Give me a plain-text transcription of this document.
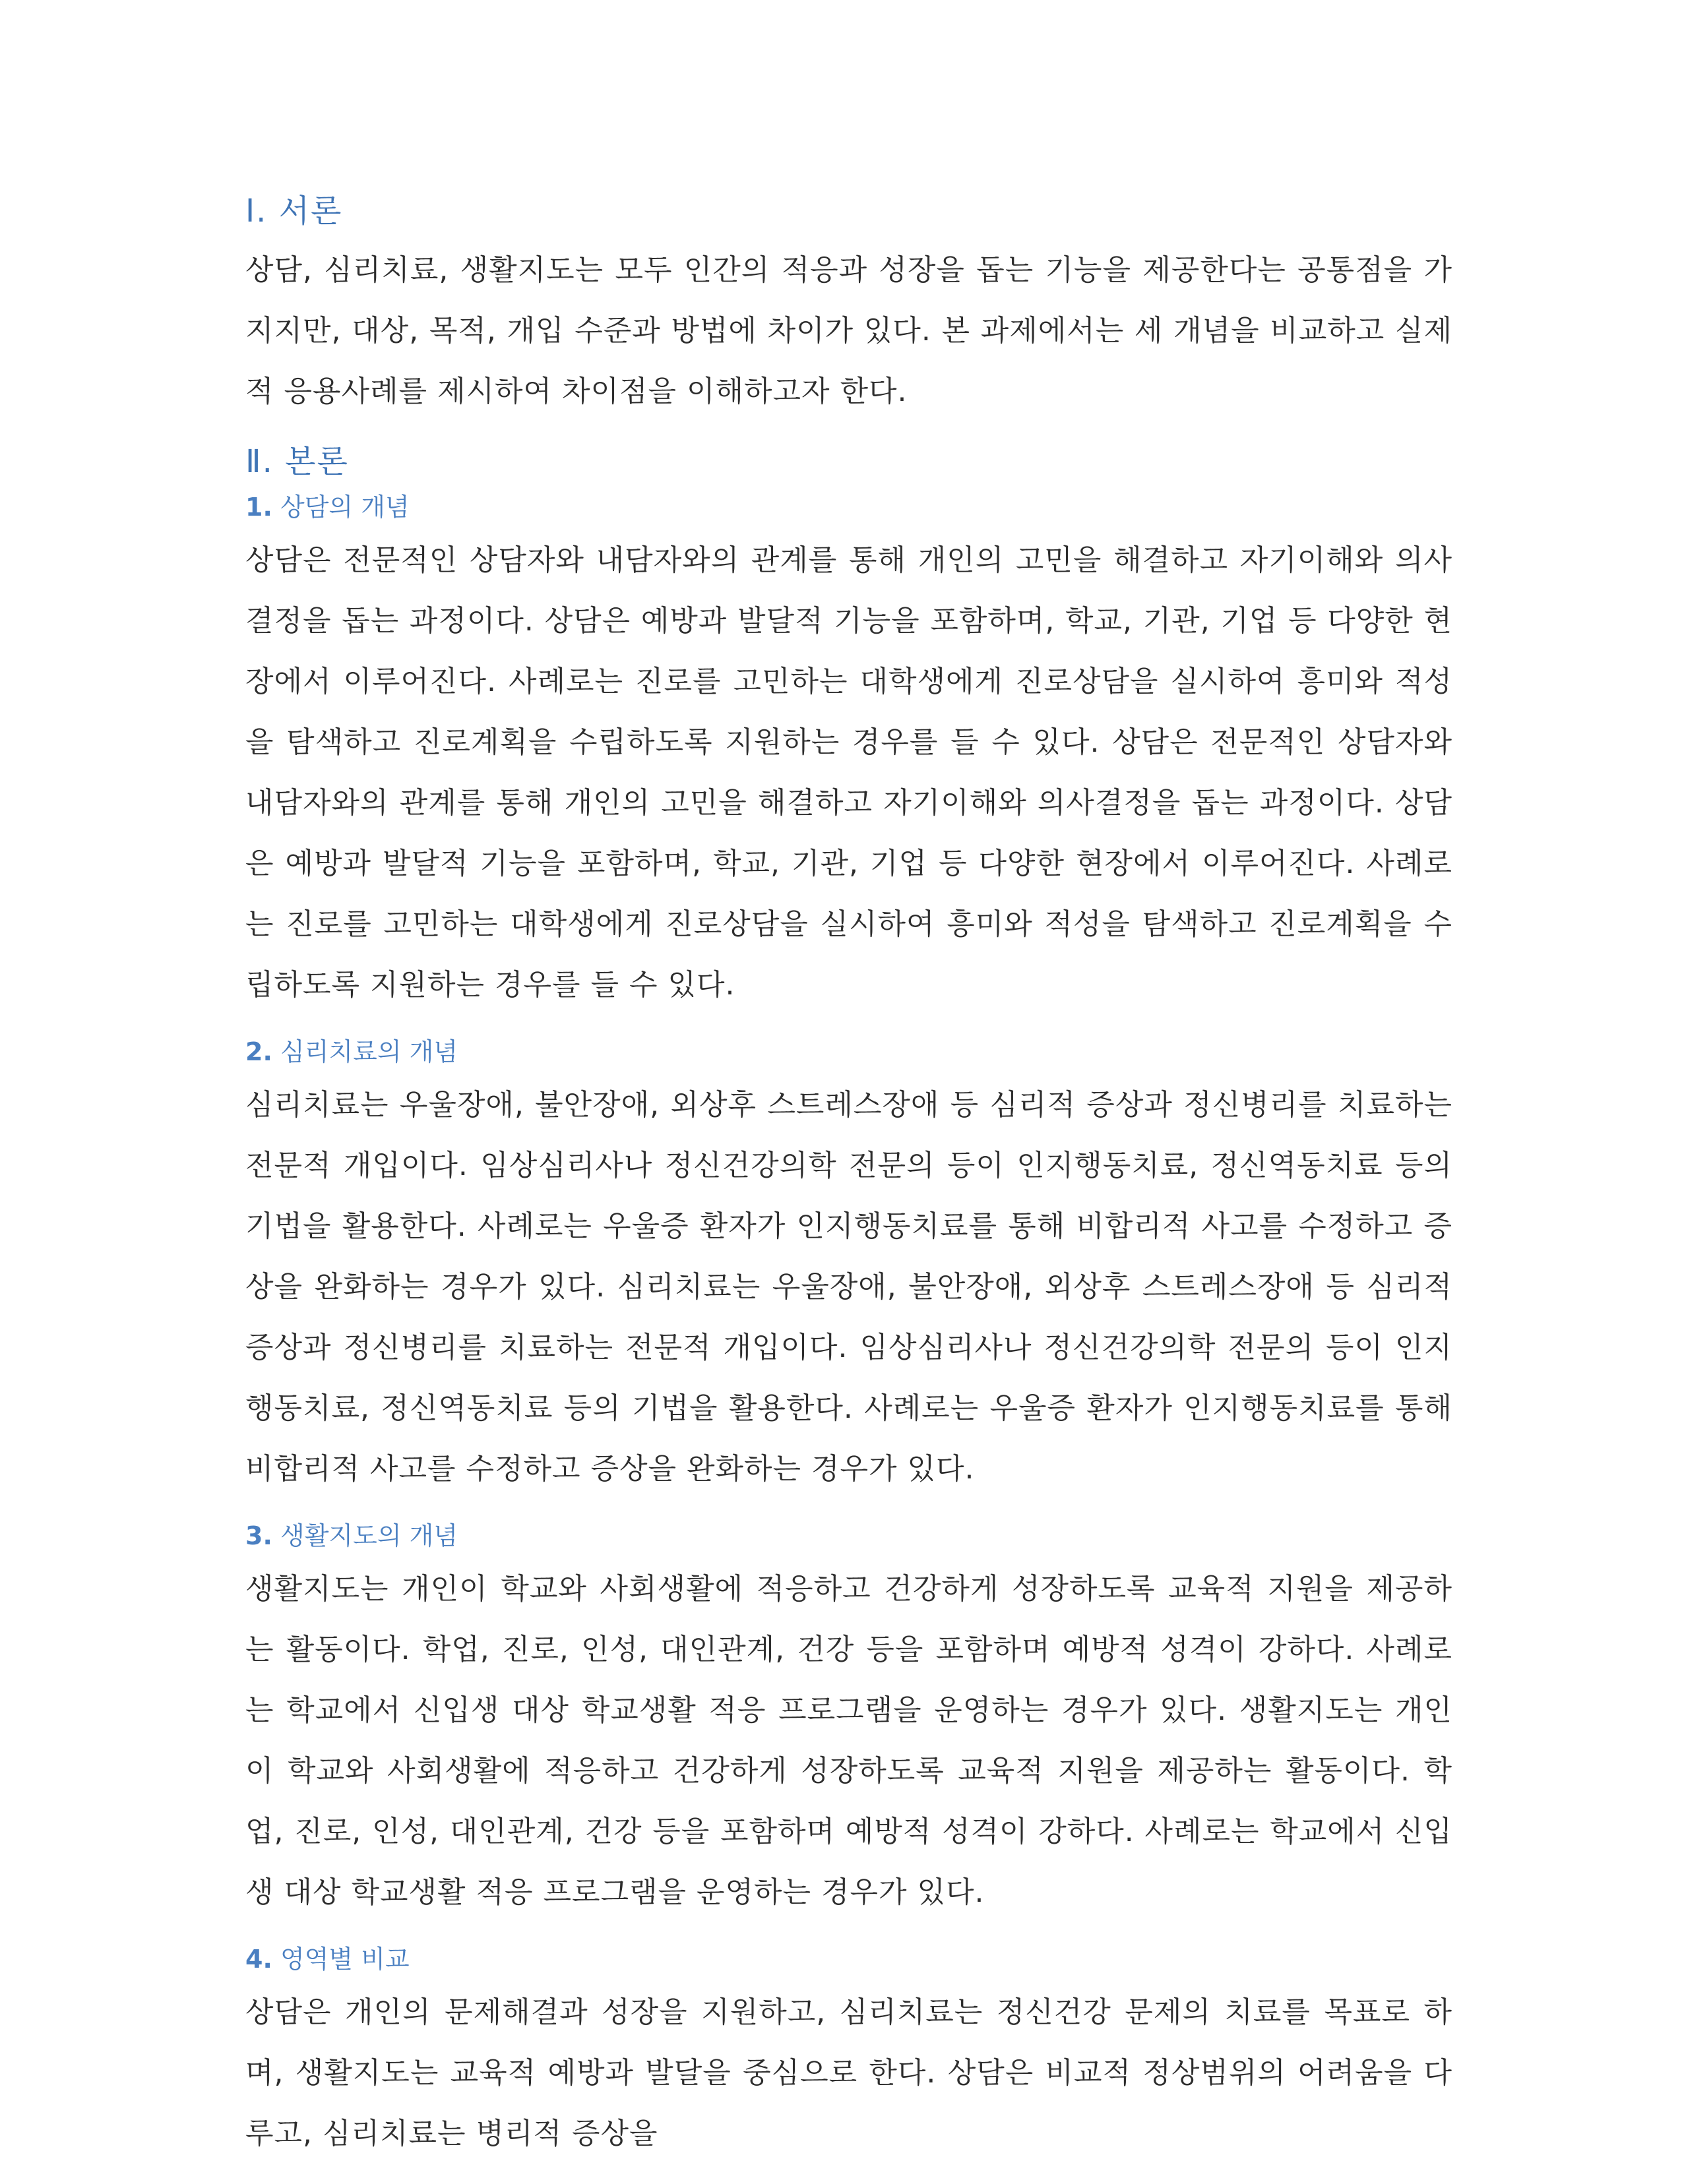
Ⅰ. 서론

상담, 심리치료, 생활지도는 모두 인간의 적응과 성장을 돕는 기능을 제공한다는 공통점을 가지지만, 대상, 목적, 개입 수준과 방법에 차이가 있다. 본 과제에서는 세 개념을 비교하고 실제적 응용사례를 제시하여 차이점을 이해하고자 한다.

Ⅱ. 본론
1. 상담의 개념

상담은 전문적인 상담자와 내담자와의 관계를 통해 개인의 고민을 해결하고 자기이해와 의사결정을 돕는 과정이다. 상담은 예방과 발달적 기능을 포함하며, 학교, 기관, 기업 등 다양한 현장에서 이루어진다. 사례로는 진로를 고민하는 대학생에게 진로상담을 실시하여 흥미와 적성을 탐색하고 진로계획을 수립하도록 지원하는 경우를 들 수 있다. 상담은 전문적인 상담자와 내담자와의 관계를 통해 개인의 고민을 해결하고 자기이해와 의사결정을 돕는 과정이다. 상담은 예방과 발달적 기능을 포함하며, 학교, 기관, 기업 등 다양한 현장에서 이루어진다. 사례로는 진로를 고민하는 대학생에게 진로상담을 실시하여 흥미와 적성을 탐색하고 진로계획을 수립하도록 지원하는 경우를 들 수 있다.

2. 심리치료의 개념

심리치료는 우울장애, 불안장애, 외상후 스트레스장애 등 심리적 증상과 정신병리를 치료하는 전문적 개입이다. 임상심리사나 정신건강의학 전문의 등이 인지행동치료, 정신역동치료 등의 기법을 활용한다. 사례로는 우울증 환자가 인지행동치료를 통해 비합리적 사고를 수정하고 증상을 완화하는 경우가 있다. 심리치료는 우울장애, 불안장애, 외상후 스트레스장애 등 심리적 증상과 정신병리를 치료하는 전문적 개입이다. 임상심리사나 정신건강의학 전문의 등이 인지행동치료, 정신역동치료 등의 기법을 활용한다. 사례로는 우울증 환자가 인지행동치료를 통해 비합리적 사고를 수정하고 증상을 완화하는 경우가 있다.

3. 생활지도의 개념

생활지도는 개인이 학교와 사회생활에 적응하고 건강하게 성장하도록 교육적 지원을 제공하는 활동이다. 학업, 진로, 인성, 대인관계, 건강 등을 포함하며 예방적 성격이 강하다. 사례로는 학교에서 신입생 대상 학교생활 적응 프로그램을 운영하는 경우가 있다. 생활지도는 개인이 학교와 사회생활에 적응하고 건강하게 성장하도록 교육적 지원을 제공하는 활동이다. 학업, 진로, 인성, 대인관계, 건강 등을 포함하며 예방적 성격이 강하다. 사례로는 학교에서 신입생 대상 학교생활 적응 프로그램을 운영하는 경우가 있다.

4. 영역별 비교

상담은 개인의 문제해결과 성장을 지원하고, 심리치료는 정신건강 문제의 치료를 목표로 하며, 생활지도는 교육적 예방과 발달을 중심으로 한다. 상담은 비교적 정상범위의 어려움을 다루고, 심리치료는 병리적 증상을
